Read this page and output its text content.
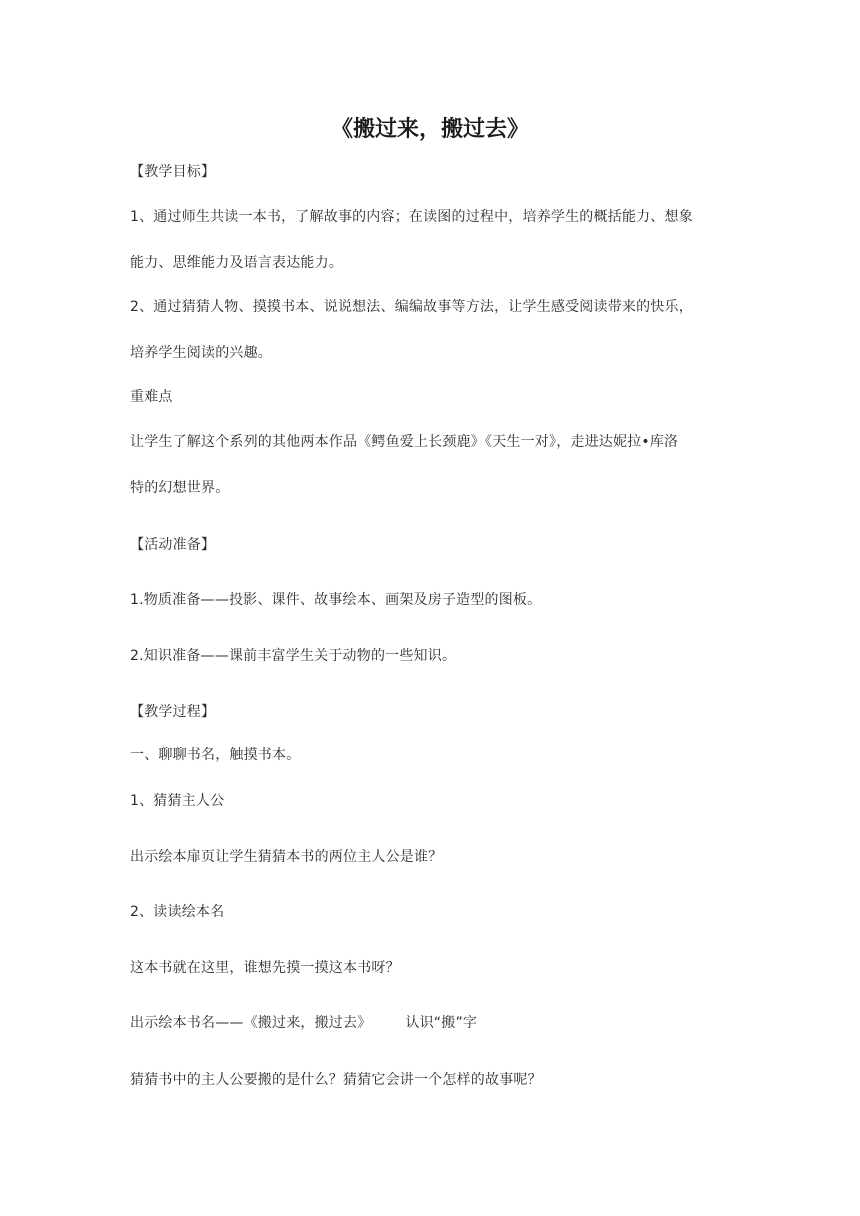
《搬过来，搬过去》
【教学目标】
1、通过师生共读一本书，了解故事的内容；在读图的过程中，培养学生的概括能力、想象
能力、思维能力及语言表达能力。
2、通过猜猜人物、摸摸书本、说说想法、编编故事等方法，让学生感受阅读带来的快乐，
培养学生阅读的兴趣。
重难点
让学生了解这个系列的其他两本作品《鳄鱼爱上长颈鹿》《天生一对》，走进达妮拉•库洛
特的幻想世界。
【活动准备】
1.物质准备——投影、课件、故事绘本、画架及房子造型的图板。
2.知识准备——课前丰富学生关于动物的一些知识。
【教学过程】
一、聊聊书名，触摸书本。
1、猜猜主人公
出示绘本扉页让学生猜猜本书的两位主人公是谁？
2、读读绘本名
这本书就在这里，谁想先摸一摸这本书呀？
出示绘本书名——《搬过来，搬过去》 认识“搬”字
猜猜书中的主人公要搬的是什么？猜猜它会讲一个怎样的故事呢？
